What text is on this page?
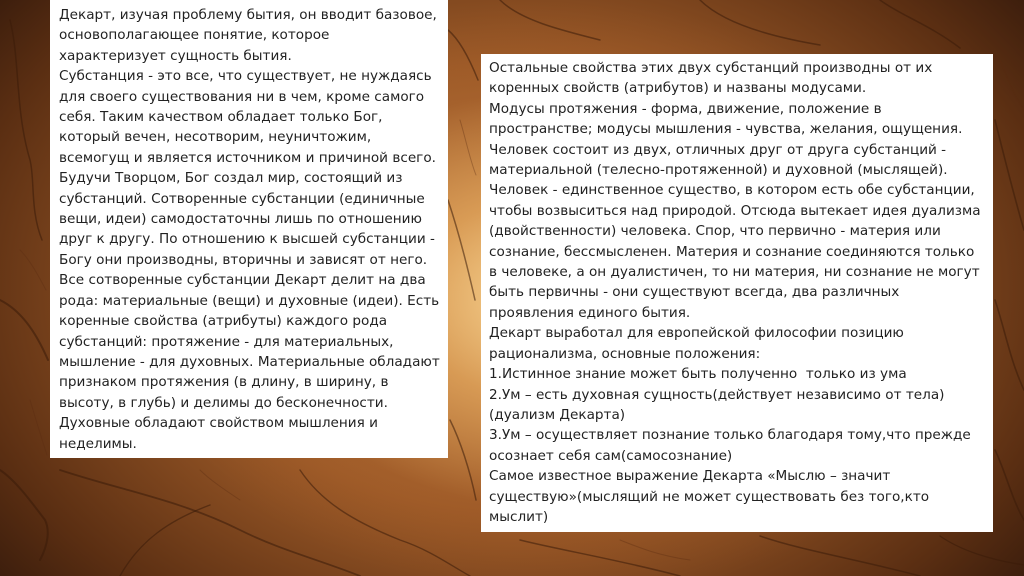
Декарт, изучая проблему бытия, он вводит базовое, основополагающее понятие, которое характеризует сущность бытия.

Субстанция - это все, что существует, не нуждаясь для своего существования ни в чем, кроме самого себя. Таким качеством обладает только Бог, который вечен, несотворим, неуничтожим, всемогущ и является источником и причиной всего. Будучи Творцом, Бог создал мир, состоящий из субстанций. Сотворенные субстанции (единичные вещи, идеи) самодостаточны лишь по отношению друг к другу. По отношению к высшей субстанции - Богу они производны, вторичны и зависят от него.

Все сотворенные субстанции Декарт делит на два рода: материальные (вещи) и духовные (идеи). Есть коренные свойства (атрибуты) каждого рода субстанций: протяжение - для материальных, мышление - для духовных. Материальные обладают признаком протяжения (в длину, в ширину, в высоту, в глубь) и делимы до бесконечности. Духовные обладают свойством мышления и неделимы.

Остальные свойства этих двух субстанций производны от их коренных свойств (атрибутов) и названы модусами.

Модусы протяжения - форма, движение, положение в пространстве; модусы мышления - чувства, желания, ощущения.

Человек состоит из двух, отличных друг от друга субстанций - материальной (телесно-протяженной) и духовной (мыслящей).

Человек - единственное существо, в котором есть обе субстанции, чтобы возвыситься над природой. Отсюда вытекает идея дуализма (двойственности) человека. Спор, что первично - материя или сознание, бессмысленен. Материя и сознание соединяются только в человеке, а он дуалистичен, то ни материя, ни сознание не могут быть первичны - они существуют всегда, два различных проявления единого бытия.

Декарт выработал для европейской философии позицию рационализма, основные положения:

1.Истинное знание может быть полученно  только из ума

2.Ум – есть духовная сущность(действует независимо от тела) (дуализм Декарта)

3.Ум – осуществляет познание только благодаря тому,что прежде осознает себя сам(самосознание)

Самое известное выражение Декарта «Мыслю – значит существую»(мыслящий не может существовать без того,кто мыслит)
